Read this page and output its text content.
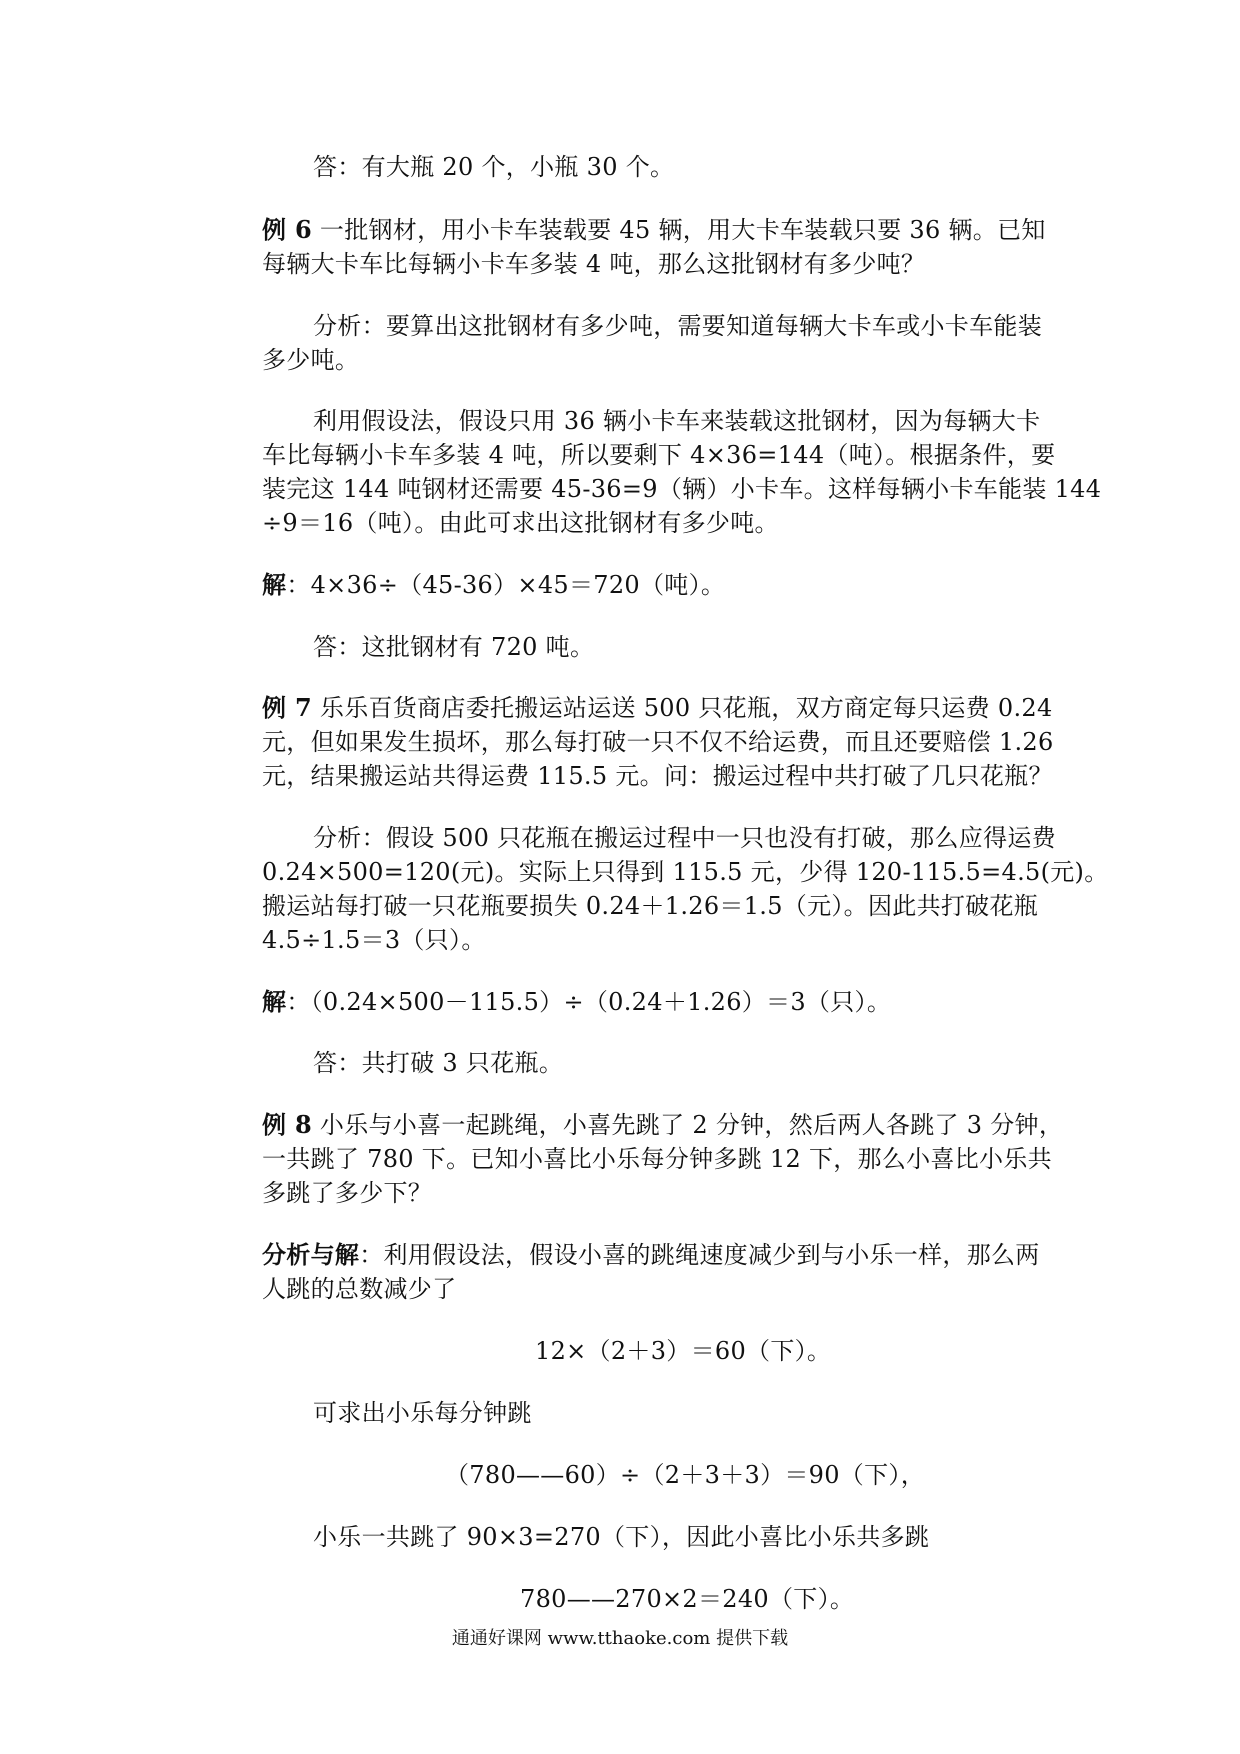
答：有大瓶 20 个，小瓶 30 个。
例 6 一批钢材，用小卡车装载要 45 辆，用大卡车装载只要 36 辆。已知
每辆大卡车比每辆小卡车多装 4 吨，那么这批钢材有多少吨？
分析：要算出这批钢材有多少吨，需要知道每辆大卡车或小卡车能装
多少吨。
利用假设法，假设只用 36 辆小卡车来装载这批钢材，因为每辆大卡
车比每辆小卡车多装 4 吨，所以要剩下 4×36=144（吨）。根据条件，要
装完这 144 吨钢材还需要 45-36=9（辆）小卡车。这样每辆小卡车能装 144
÷9＝16（吨）。由此可求出这批钢材有多少吨。
解：4×36÷（45-36）×45＝720（吨）。
答：这批钢材有 720 吨。
例 7 乐乐百货商店委托搬运站运送 500 只花瓶，双方商定每只运费 0.24
元，但如果发生损坏，那么每打破一只不仅不给运费，而且还要赔偿 1.26
元，结果搬运站共得运费 115.5 元。问：搬运过程中共打破了几只花瓶？
分析：假设 500 只花瓶在搬运过程中一只也没有打破，那么应得运费
0.24×500=120(元)。实际上只得到 115.5 元，少得 120-115.5=4.5(元)。
搬运站每打破一只花瓶要损失 0.24＋1.26＝1.5（元）。因此共打破花瓶
4.5÷1.5＝3（只）。
解：（0.24×500－115.5）÷（0.24＋1.26）＝3（只）。
答：共打破 3 只花瓶。
例 8 小乐与小喜一起跳绳，小喜先跳了 2 分钟，然后两人各跳了 3 分钟，
一共跳了 780 下。已知小喜比小乐每分钟多跳 12 下，那么小喜比小乐共
多跳了多少下？
分析与解：利用假设法，假设小喜的跳绳速度减少到与小乐一样，那么两
人跳的总数减少了
12×（2＋3）＝60（下）。
可求出小乐每分钟跳
（780——60）÷（2＋3＋3）＝90（下），
小乐一共跳了 90×3=270（下），因此小喜比小乐共多跳
780——270×2＝240（下）。
通通好课网 www.tthaoke.com 提供下载
